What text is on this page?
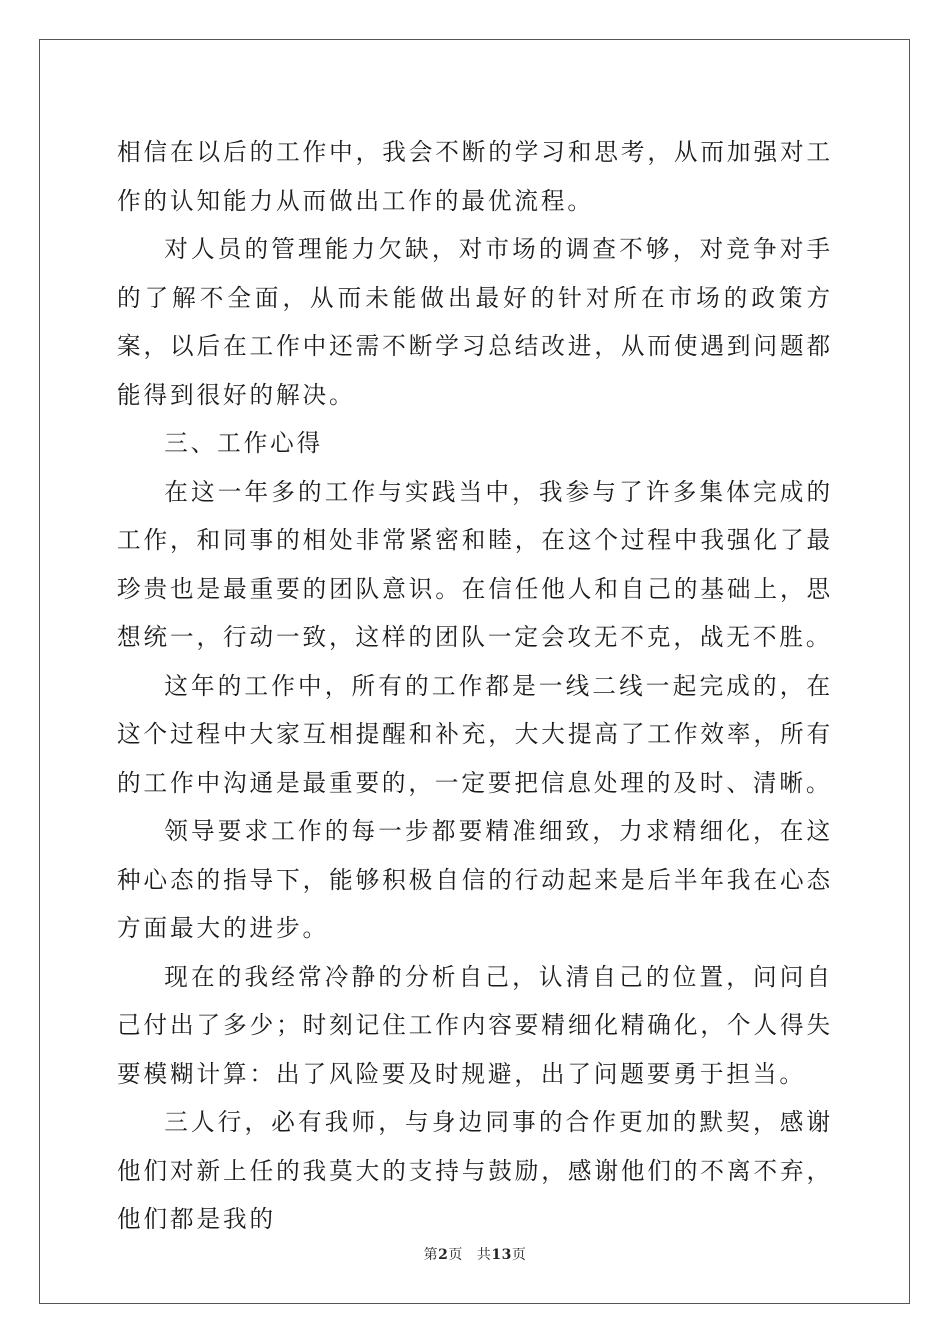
相信在以后的工作中，我会不断的学习和思考，从而加强对工作的认知能力从而做出工作的最优流程。

对人员的管理能力欠缺，对市场的调查不够，对竞争对手的了解不全面，从而未能做出最好的针对所在市场的政策方案，以后在工作中还需不断学习总结改进，从而使遇到问题都能得到很好的解决。

三、工作心得

在这一年多的工作与实践当中，我参与了许多集体完成的工作，和同事的相处非常紧密和睦，在这个过程中我强化了最珍贵也是最重要的团队意识。在信任他人和自己的基础上，思想统一，行动一致，这样的团队一定会攻无不克，战无不胜。

这年的工作中，所有的工作都是一线二线一起完成的，在这个过程中大家互相提醒和补充，大大提高了工作效率，所有的工作中沟通是最重要的，一定要把信息处理的及时、清晰。

领导要求工作的每一步都要精准细致，力求精细化，在这种心态的指导下，能够积极自信的行动起来是后半年我在心态方面最大的进步。

现在的我经常冷静的分析自己，认清自己的位置，问问自己付出了多少；时刻记住工作内容要精细化精确化，个人得失要模糊计算：出了风险要及时规避，出了问题要勇于担当。

三人行，必有我师，与身边同事的合作更加的默契，感谢他们对新上任的我莫大的支持与鼓励，感谢他们的不离不弃，他们都是我的

第2页 共13页
